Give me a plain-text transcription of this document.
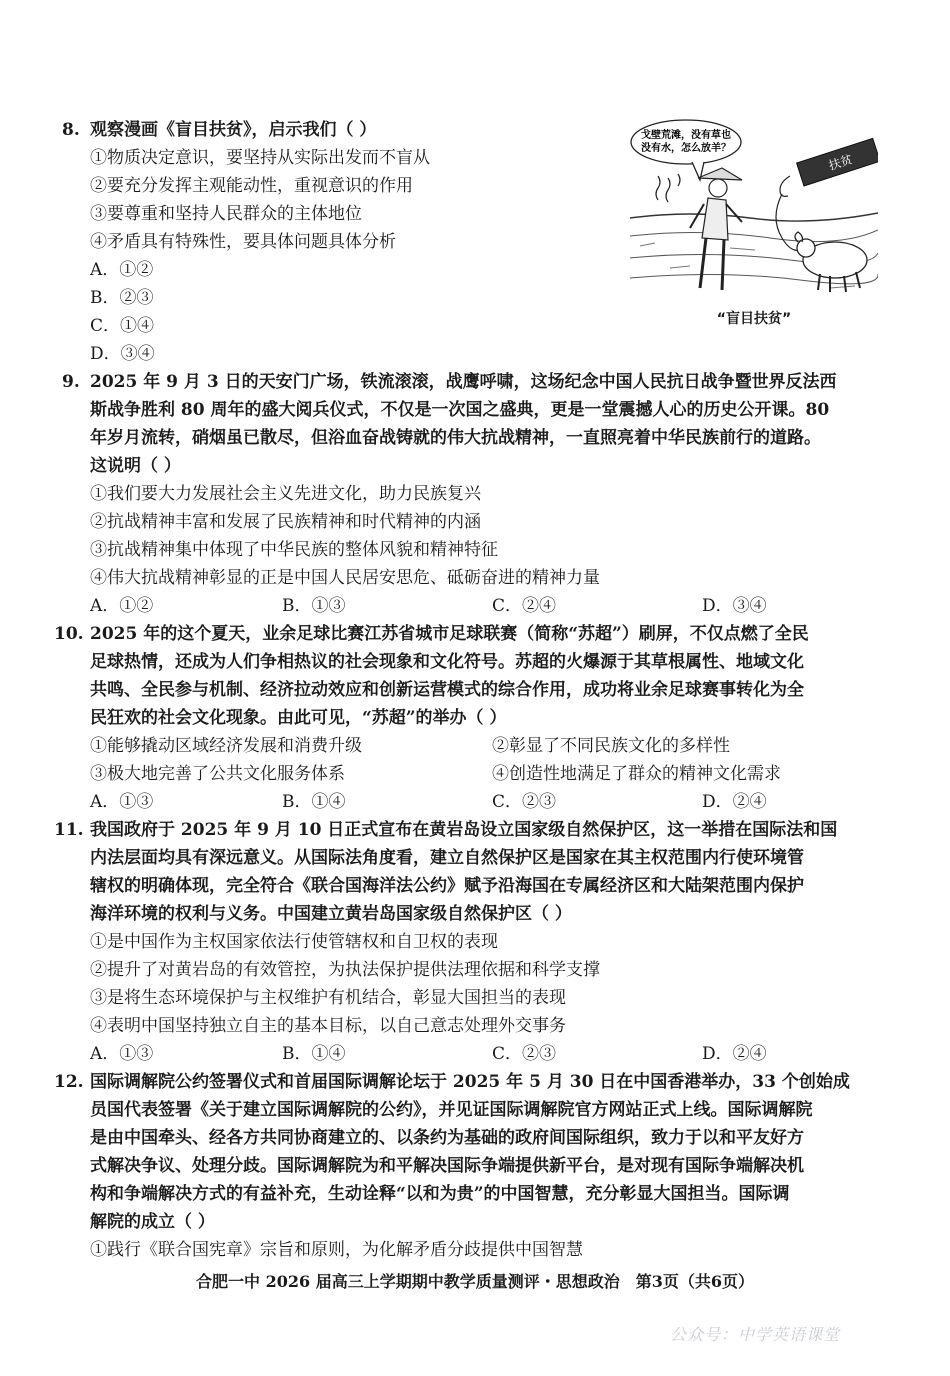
8. 观察漫画《盲目扶贫》，启示我们（ ）
①物质决定意识，要坚持从实际出发而不盲从
②要充分发挥主观能动性，重视意识的作用
③要尊重和坚持人民群众的主体地位
④矛盾具有特殊性，要具体问题具体分析
A．①②
B．②③
C．①④
D．③④
戈壁荒滩，没有草也
没有水，怎么放羊？
扶贫
“盲目扶贫”
9. 2025 年 9 月 3 日的天安门广场，铁流滚滚，战鹰呼啸，这场纪念中国人民抗日战争暨世界反法西
斯战争胜利 80 周年的盛大阅兵仪式，不仅是一次国之盛典，更是一堂震撼人心的历史公开课。80
年岁月流转，硝烟虽已散尽，但浴血奋战铸就的伟大抗战精神，一直照亮着中华民族前行的道路。
这说明（ ）
①我们要大力发展社会主义先进文化，助力民族复兴
②抗战精神丰富和发展了民族精神和时代精神的内涵
③抗战精神集中体现了中华民族的整体风貌和精神特征
④伟大抗战精神彰显的正是中国人民居安思危、砥砺奋进的精神力量
A．①②	B．①③	C．②④	D．③④
10. 2025 年的这个夏天，业余足球比赛江苏省城市足球联赛（简称“苏超”）刷屏，不仅点燃了全民
足球热情，还成为人们争相热议的社会现象和文化符号。苏超的火爆源于其草根属性、地域文化
共鸣、全民参与机制、经济拉动效应和创新运营模式的综合作用，成功将业余足球赛事转化为全
民狂欢的社会文化现象。由此可见，“苏超”的举办（ ）
①能够撬动区域经济发展和消费升级	②彰显了不同民族文化的多样性
③极大地完善了公共文化服务体系	④创造性地满足了群众的精神文化需求
A．①③	B．①④	C．②③	D．②④
11. 我国政府于 2025 年 9 月 10 日正式宣布在黄岩岛设立国家级自然保护区，这一举措在国际法和国
内法层面均具有深远意义。从国际法角度看，建立自然保护区是国家在其主权范围内行使环境管
辖权的明确体现，完全符合《联合国海洋法公约》赋予沿海国在专属经济区和大陆架范围内保护
海洋环境的权利与义务。中国建立黄岩岛国家级自然保护区（ ）
①是中国作为主权国家依法行使管辖权和自卫权的表现
②提升了对黄岩岛的有效管控，为执法保护提供法理依据和科学支撑
③是将生态环境保护与主权维护有机结合，彰显大国担当的表现
④表明中国坚持独立自主的基本目标，以自己意志处理外交事务
A．①③	B．①④	C．②③	D．②④
12. 国际调解院公约签署仪式和首届国际调解论坛于 2025 年 5 月 30 日在中国香港举办，33 个创始成
员国代表签署《关于建立国际调解院的公约》，并见证国际调解院官方网站正式上线。国际调解院
是由中国牵头、经各方共同协商建立的、以条约为基础的政府间国际组织，致力于以和平友好方
式解决争议、处理分歧。国际调解院为和平解决国际争端提供新平台，是对现有国际争端解决机
构和争端解决方式的有益补充，生动诠释“以和为贵”的中国智慧，充分彰显大国担当。国际调
解院的成立（ ）
①践行《联合国宪章》宗旨和原则，为化解矛盾分歧提供中国智慧
合肥一中 2026 届高三上学期期中教学质量测评・思想政治　第3页（共6页）
公众号：中学英语课堂
